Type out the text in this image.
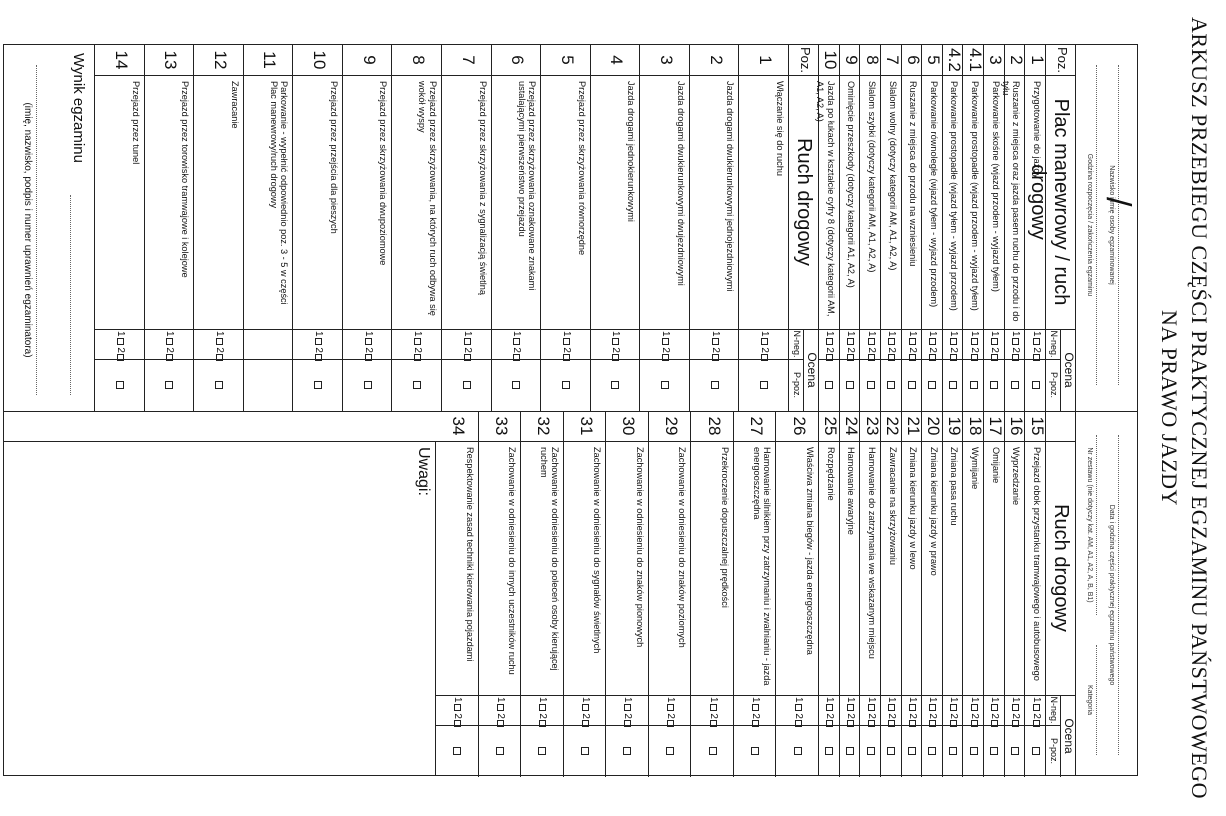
ARKUSZ PRZEBIEGU CZĘŚCI PRAKTYCZNEJ EGZAMINU PAŃSTWOWEGO
NA PRAWO JAZDY
Nazwisko i imię osoby egzaminowanej
Data i godzina części praktycznej egzaminu państwowego
Godzina rozpoczęcia / zakończenia egzaminu /
Nr zestawu (nie dotyczy kat. AM, A1, A2, A, B, B1)
Kategoria
Poz.
Plac manewrowy / ruch drogowy
Ocena
N-neg.
P-poz.
1
Przygotowanie do jazdy
1 2
2
Ruszanie z miejsca oraz jazda pasem ruchu do przodu i do tyłu
1 2
3
Parkowanie skośne (wjazd przodem - wyjazd tyłem)
1 2
4.1
Parkowanie prostopadłe (wjazd przodem - wyjazd tyłem)
1 2
4.2
Parkowanie prostopadłe (wjazd tyłem - wyjazd przodem)
1 2
5
Parkowanie równoległe (wjazd tyłem - wyjazd przodem)
1 2
6
Ruszanie z miejsca do przodu na wzniesieniu
1 2
7
Slalom wolny (dotyczy kategorii AM, A1, A2, A)
1 2
8
Slalom szybki (dotyczy kategorii AM, A1, A2, A)
1 2
9
Ominięcie przeszkody (dotyczy kategorii A1, A2, A)
1 2
10
Jazda po łukach w kształcie cyfry 8 (dotyczy kategorii AM, A1, A2, A)
1 2
Ruch drogowy
Ocena
N-neg.
P-poz.
15
Przejazd obok przystanku tramwajowego i autobusowego
1 2
16
Wyprzedzanie
1 2
17
Omijanie
1 2
18
Wymijanie
1 2
19
Zmiana pasa ruchu
1 2
20
Zmiana kierunku jazdy w prawo
1 2
21
Zmiana kierunku jazdy w lewo
1 2
22
Zawracanie na skrzyżowaniu
1 2
23
Hamowanie do zatrzymania we wskazanym miejscu
1 2
24
Hamowanie awaryjne
1 2
25
Rozpędzanie
1 2
26
Właściwa zmiana biegów - jazda energooszczędna
1 2
27
Hamowanie silnikiem przy zatrzymaniu i zwalnianiu - jazda energooszczędna
1 2
28
Przekroczenie dopuszczalnej prędkości
1 2
29
Zachowanie w odniesieniu do znaków poziomych
1 2
30
Zachowanie w odniesieniu do znaków pionowych
1 2
31
Zachowanie w odniesieniu do sygnałów świetlnych
1 2
32
Zachowanie w odniesieniu do poleceń osoby kierującej ruchem
1 2
33
Zachowanie w odniesieniu do innych uczestników ruchu
1 2
34
Respektowanie zasad techniki kierowania pojazdami
1 2
Poz.
Ruch drogowy
Ocena
N-neg.
P-poz.
1
Włączanie się do ruchu
1 2
2
Jazda drogami dwukierunkowymi jednojezdniowymi
1 2
3
Jazda drogami dwukierunkowymi dwujezdniowymi
1 2
4
Jazda drogami jednokierunkowymi
1 2
5
Przejazd przez skrzyżowania równorzędne
1 2
6
Przejazd przez skrzyżowania oznakowane znakami ustalającymi pierwszeństwo przejazdu
1 2
7
Przejazd przez skrzyżowania z sygnalizacją świetlną
1 2
8
Przejazd przez skrzyżowania, na których ruch odbywa się wokół wyspy
1 2
9
Przejazd przez skrzyżowania dwupoziomowe
1 2
10
Przejazd przez przejścia dla pieszych
1 2
11
Parkowanie - wypełnić odpowiednio poz. 3 - 5 w części Plac manewrowy/ruch drogowy
12
Zawracanie
1 2
13
Przejazd przez torowisko tramwajowe i kolejowe
1 2
14
Przejazd przez tunel
1 2
Uwagi:
Wynik egzaminu
(imię, nazwisko, podpis i numer uprawnień egzaminatora)
